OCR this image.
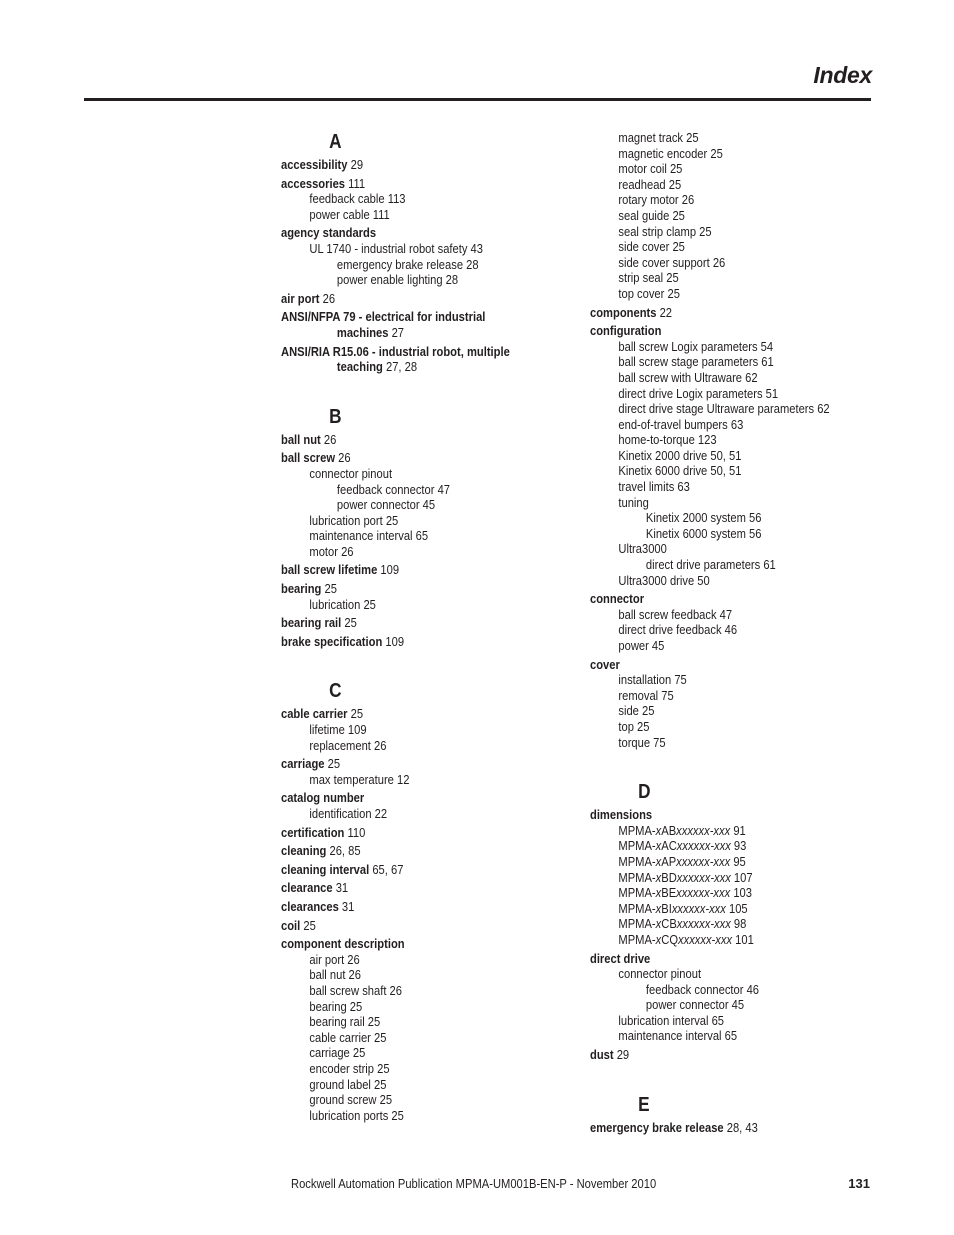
Index
A
accessibility 29
accessories 111
feedback cable 113
power cable 111
agency standards
UL 1740 - industrial robot safety 43
emergency brake release 28
power enable lighting 28
air port 26
ANSI/NFPA 79 - electrical for industrial
machines 27
ANSI/RIA R15.06 - industrial robot, multiple
teaching 27, 28
B
ball nut 26
ball screw 26
connector pinout
feedback connector 47
power connector 45
lubrication port 25
maintenance interval 65
motor 26
ball screw lifetime 109
bearing 25
lubrication 25
bearing rail 25
brake specification 109
C
cable carrier 25
lifetime 109
replacement 26
carriage 25
max temperature 12
catalog number
identification 22
certification 110
cleaning 26, 85
cleaning interval 65, 67
clearance 31
clearances 31
coil 25
component description
air port 26
ball nut 26
ball screw shaft 26
bearing 25
bearing rail 25
cable carrier 25
carriage 25
encoder strip 25
ground label 25
ground screw 25
lubrication ports 25
magnet track 25
magnetic encoder 25
motor coil 25
readhead 25
rotary motor 26
seal guide 25
seal strip clamp 25
side cover 25
side cover support 26
strip seal 25
top cover 25
components 22
configuration
ball screw Logix parameters 54
ball screw stage parameters 61
ball screw with Ultraware 62
direct drive Logix parameters 51
direct drive stage Ultraware parameters 62
end-of-travel bumpers 63
home-to-torque 123
Kinetix 2000 drive 50, 51
Kinetix 6000 drive 50, 51
travel limits 63
tuning
Kinetix 2000 system 56
Kinetix 6000 system 56
Ultra3000
direct drive parameters 61
Ultra3000 drive 50
connector
ball screw feedback 47
direct drive feedback 46
power 45
cover
installation 75
removal 75
side 25
top 25
torque 75
D
dimensions
MPMA-xABxxxxxx-xxx 91
MPMA-xACxxxxxx-xxx 93
MPMA-xAPxxxxxx-xxx 95
MPMA-xBDxxxxxx-xxx 107
MPMA-xBExxxxxx-xxx 103
MPMA-xBIxxxxxx-xxx 105
MPMA-xCBxxxxxx-xxx 98
MPMA-xCQxxxxxx-xxx 101
direct drive
connector pinout
feedback connector 46
power connector 45
lubrication interval 65
maintenance interval 65
dust 29
E
emergency brake release 28, 43
Rockwell Automation Publication MPMA-UM001B-EN-P - November 2010	131
